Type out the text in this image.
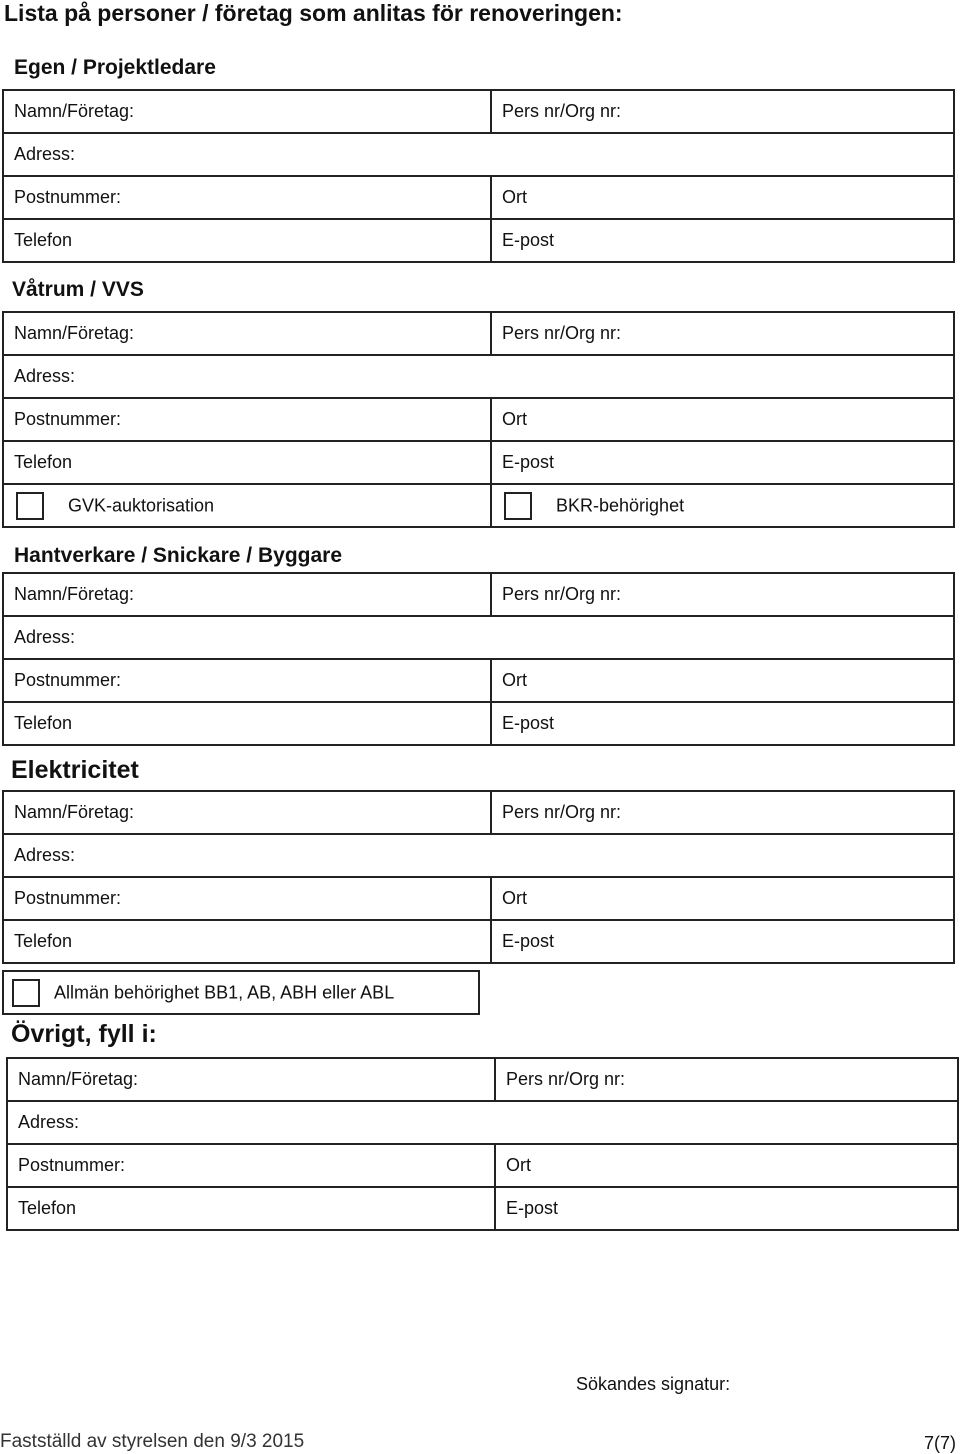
Lista på personer / företag som anlitas för renoveringen:
Egen / Projektledare
Namn/Företag:	Pers nr/Org nr:
Adress:	
Postnummer:	Ort
Telefon	E-post
Våtrum / VVS
Namn/Företag:	Pers nr/Org nr:
Adress:	
Postnummer:	Ort
Telefon	E-post
GVK-auktorisation	BKR-behörighet
Hantverkare / Snickare / Byggare
Namn/Företag:	Pers nr/Org nr:
Adress:	
Postnummer:	Ort
Telefon	E-post
Elektricitet
Namn/Företag:	Pers nr/Org nr:
Adress:	
Postnummer:	Ort
Telefon	E-post
Allmän behörighet BB1, AB, ABH eller ABL
Övrigt, fyll i:
Namn/Företag:	Pers nr/Org nr:
Adress:	
Postnummer:	Ort
Telefon	E-post
Sökandes signatur:
Fastställd av styrelsen den 9/3 2015	7(7)
